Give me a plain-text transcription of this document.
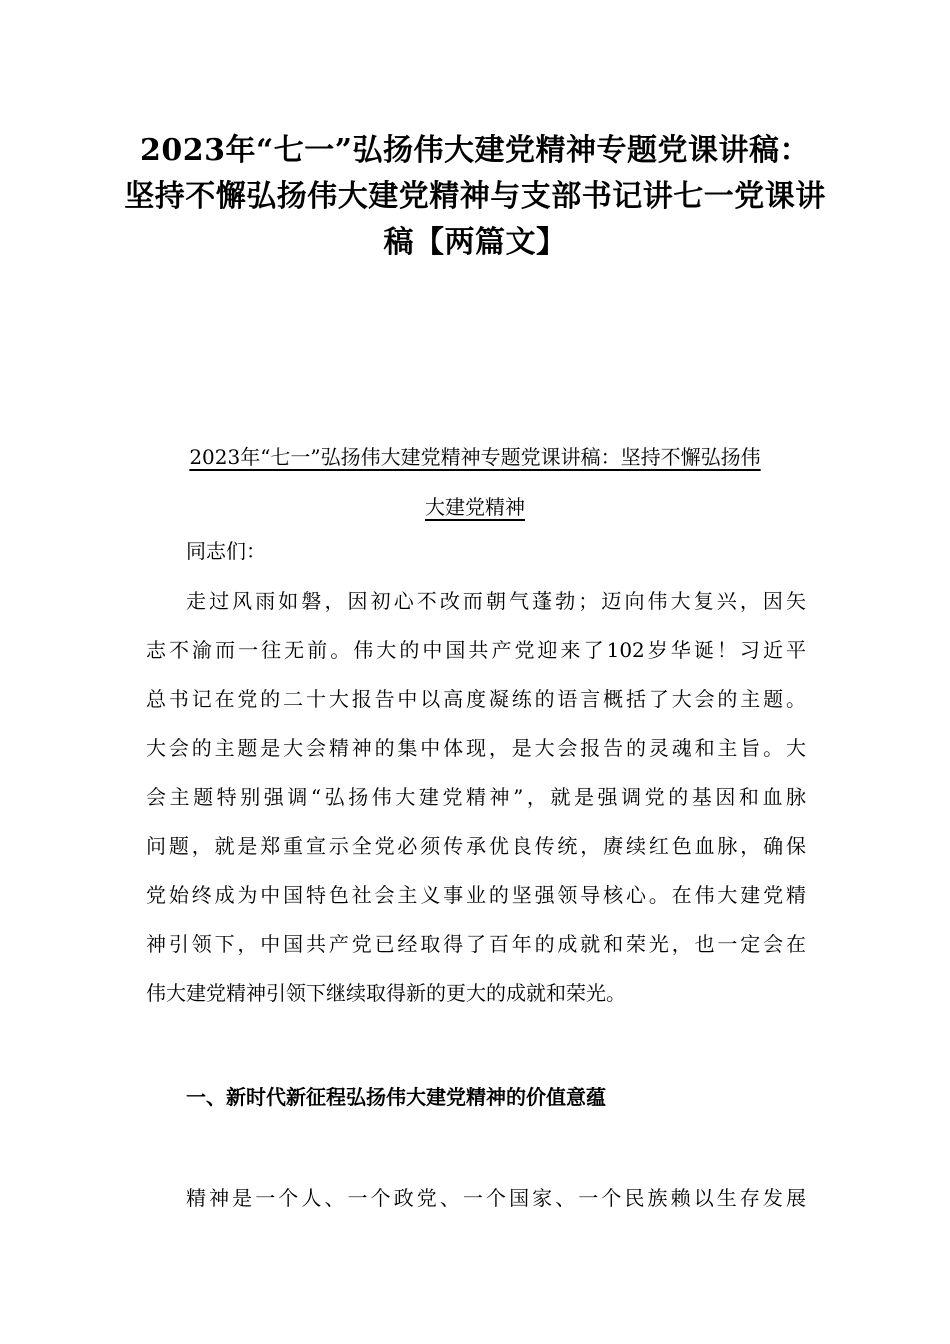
2023年“七一”弘扬伟大建党精神专题党课讲稿：
坚持不懈弘扬伟大建党精神与支部书记讲七一党课讲
稿【两篇文】
2023年“七一”弘扬伟大建党精神专题党课讲稿：坚持不懈弘扬伟
大建党精神
同志们：
走过风雨如磐，因初心不改而朝气蓬勃；迈向伟大复兴，因矢
志不渝而一往无前。伟大的中国共产党迎来了102岁华诞！习近平
总书记在党的二十大报告中以高度凝练的语言概括了大会的主题。
大会的主题是大会精神的集中体现，是大会报告的灵魂和主旨。大
会主题特别强调“弘扬伟大建党精神”，就是强调党的基因和血脉
问题，就是郑重宣示全党必须传承优良传统，赓续红色血脉，确保
党始终成为中国特色社会主义事业的坚强领导核心。在伟大建党精
神引领下，中国共产党已经取得了百年的成就和荣光，也一定会在
伟大建党精神引领下继续取得新的更大的成就和荣光。
一、新时代新征程弘扬伟大建党精神的价值意蕴
精神是一个人、一个政党、一个国家、一个民族赖以生存发展
